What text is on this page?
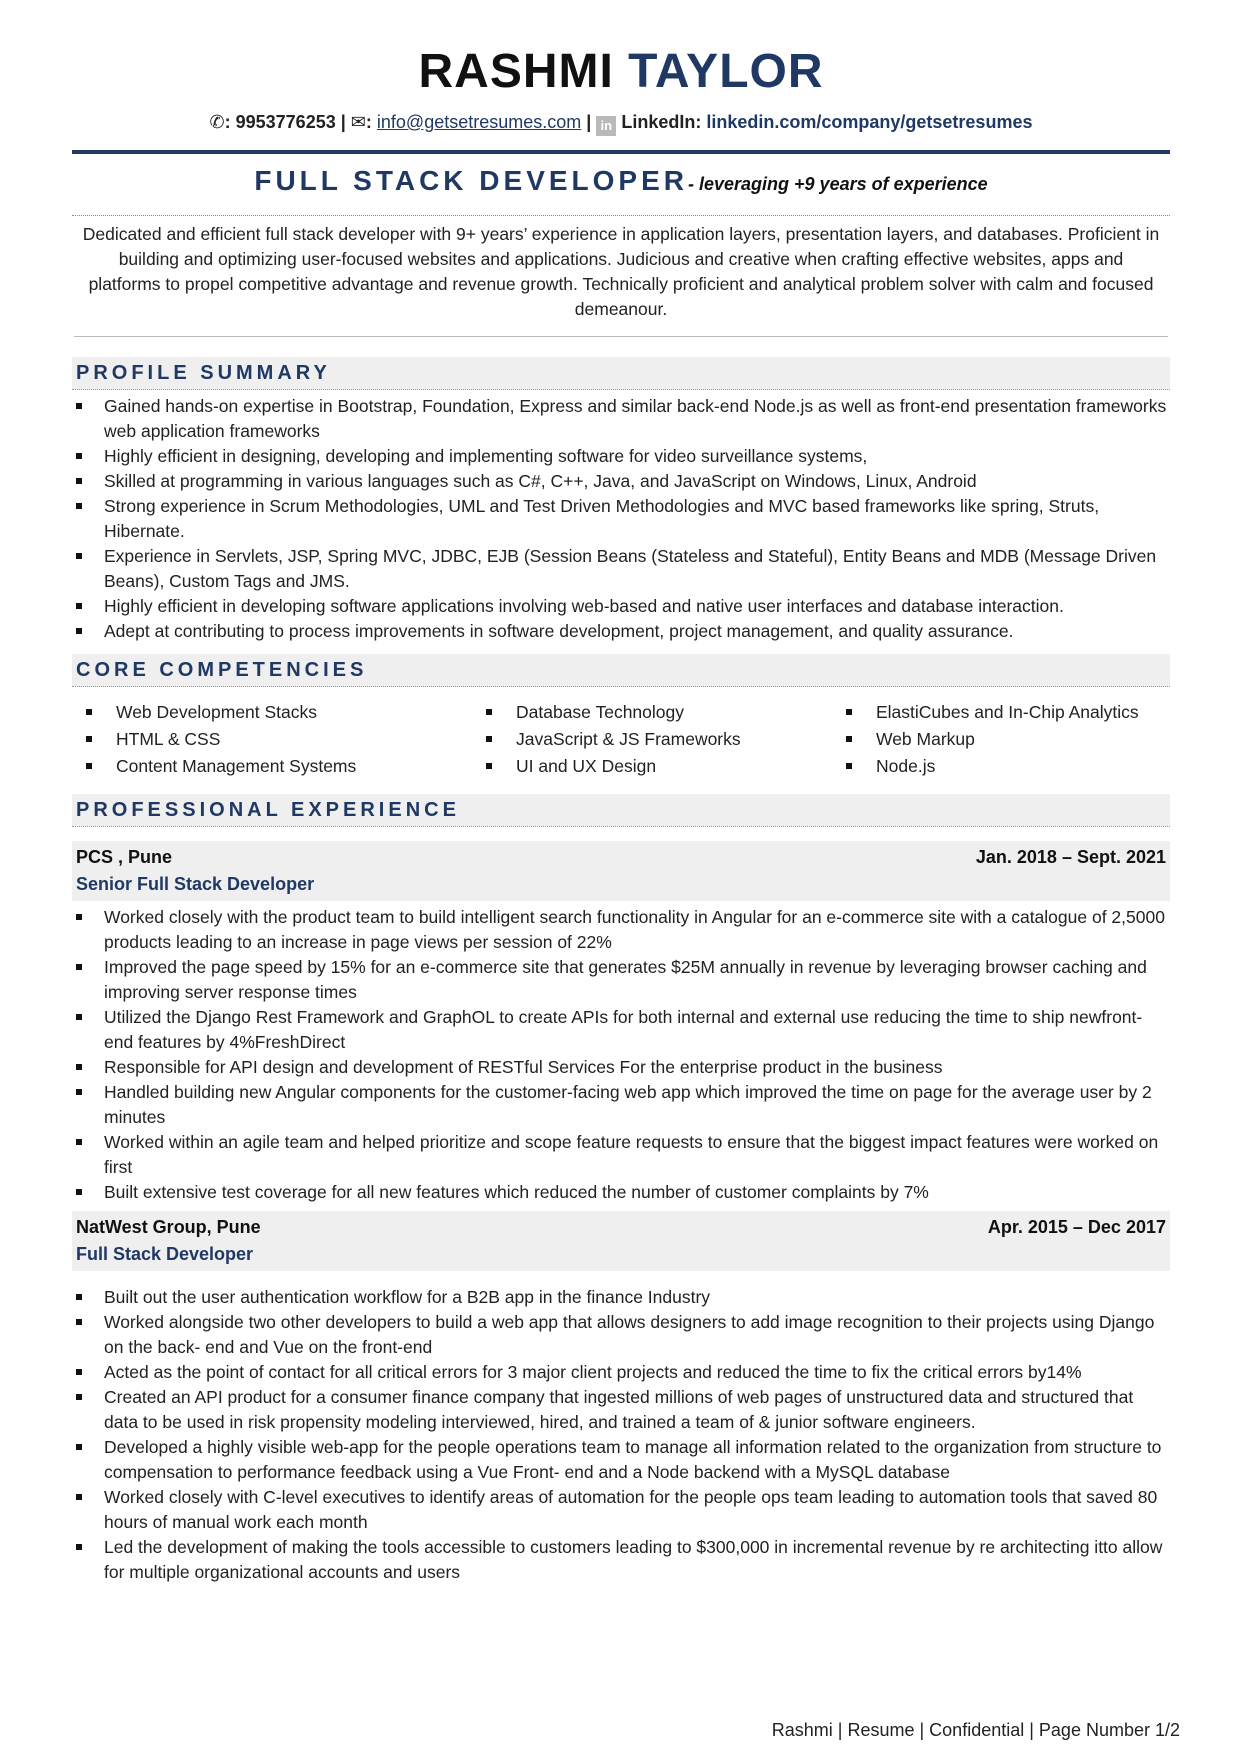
RASHMI TAYLOR
✆: 9953776253 | ✉: info@getsetresumes.com | in LinkedIn: linkedin.com/company/getsetresumes
FULL STACK DEVELOPER- leveraging +9 years of experience
Dedicated and efficient full stack developer with 9+ years’ experience in application layers, presentation layers, and databases. Proficient in building and optimizing user-focused websites and applications. Judicious and creative when crafting effective websites, apps and platforms to propel competitive advantage and revenue growth. Technically proficient and analytical problem solver with calm and focused demeanour.
PROFILE SUMMARY
Gained hands-on expertise in Bootstrap, Foundation, Express and similar back-end Node.js as well as front-end presentation frameworks web application frameworks
Highly efficient in designing, developing and implementing software for video surveillance systems,
Skilled at programming in various languages such as C#, C++, Java, and JavaScript on Windows, Linux, Android
Strong experience in Scrum Methodologies, UML and Test Driven Methodologies and MVC based frameworks like spring, Struts, Hibernate.
Experience in Servlets, JSP, Spring MVC, JDBC, EJB (Session Beans (Stateless and Stateful), Entity Beans and MDB (Message Driven Beans), Custom Tags and JMS.
Highly efficient in developing software applications involving web-based and native user interfaces and database interaction.
Adept at contributing to process improvements in software development, project management, and quality assurance.
CORE COMPETENCIES
Web Development Stacks	Database Technology	ElastiCubes and In-Chip Analytics
HTML & CSS	JavaScript & JS Frameworks	Web Markup
Content Management Systems	UI and UX Design	Node.js
PROFESSIONAL EXPERIENCE
PCS , Pune	Jan. 2018 – Sept. 2021
Senior Full Stack Developer
Worked closely with the product team to build intelligent search functionality in Angular for an e-commerce site with a catalogue of 2,5000 products leading to an increase in page views per session of 22%
Improved the page speed by 15% for an e-commerce site that generates $25M annually in revenue by leveraging browser caching and improving server response times
Utilized the Django Rest Framework and GraphOL to create APIs for both internal and external use reducing the time to ship newfront-end features by 4%FreshDirect
Responsible for API design and development of RESTful Services For the enterprise product in the business
Handled building new Angular components for the customer-facing web app which improved the time on page for the average user by 2 minutes
Worked within an agile team and helped prioritize and scope feature requests to ensure that the biggest impact features were worked on first
Built extensive test coverage for all new features which reduced the number of customer complaints by 7%
NatWest Group, Pune	Apr. 2015 – Dec 2017
Full Stack Developer
Built out the user authentication workflow for a B2B app in the finance Industry
Worked alongside two other developers to build a web app that allows designers to add image recognition to their projects using Django on the back- end and Vue on the front-end
Acted as the point of contact for all critical errors for 3 major client projects and reduced the time to fix the critical errors by14%
Created an API product for a consumer finance company that ingested millions of web pages of unstructured data and structured that data to be used in risk propensity modeling interviewed, hired, and trained a team of & junior software engineers.
Developed a highly visible web-app for the people operations team to manage all information related to the organization from structure to compensation to performance feedback using a Vue Front- end and a Node backend with a MySQL database
Worked closely with C-level executives to identify areas of automation for the people ops team leading to automation tools that saved 80 hours of manual work each month
Led the development of making the tools accessible to customers leading to $300,000 in incremental revenue by re architecting itto allow for multiple organizational accounts and users
Rashmi | Resume | Confidential | Page Number 1/2
